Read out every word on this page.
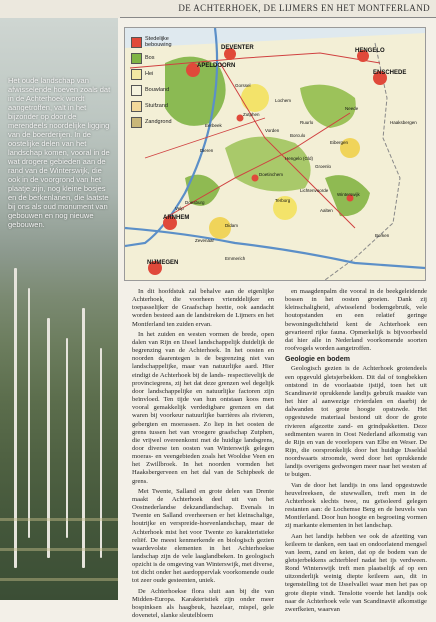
DE ACHTERHOEK, DE LIJMERS EN HET MONTFERLAND
Het oude landschap van afwisselende hoeven zoals dat in de Achterhoek wordt aangetroffen, valt in het bijzonder op door de merendeels noordelijke ligging van de boerderijen. In de oostelijke delen van het landschap komen, vooral in de wat drogere gebieden aan de rand van de Winterswijk, die ook in de voorgrond van het plaatje zijn, nog kleine bosjes en de berkenlanen, die laatste bij ons als oud monument van gebouwen en nog nieuwe gebouwen.
Stedelijke bebouwing
Bos
Hei
Bouwland
Stuifzand
Zandgrond
DEVENTER
APELDOORN
HENGELO
ENSCHEDE
ARNHEM
NIJMEGEN
Doesburg
Zutphen
Lochem
Ruurlo
Doetinchem
Groenlo
Eibergen
Neede
Borculo
Vorden
Winterswijk
Aalten
Terborg
Zevenaar
Emmerich
Borken
Haaksbergen
Gorssel
Dieren
Eerbeek
Lichtenvoorde
Hengelo (Gld)
Didam
Velp

In dit hoofdstuk zal behalve aan de eigenlijke Achterhoek, die voorheen vrienddelijker en toepasselijker de Graafschap heette, ook aandacht worden besteed aan de landstreken de Lijmers en het Montferland ten zuiden ervan.

In het zuiden en westen vormen de brede, open dalen van Rijn en IJssel landschappelijk duidelijk de begrenzing van de Achterhoek. In het oosten en noorden daarentegen is de begrenzing niet van landschappelijke, maar van natuurlijke aard. Hier eindigt de Achterhoek bij de lands- respectievelijk de provinciegrens, zij het dat deze grenzen wel degelijk door landschappelijke en natuurlijke factoren zijn beïnvloed. Ten tijde van hun ontstaan koos men vooral gemakkelijk verdedigbare grenzen en dat waren bij voorkeur natuurlijke barrières als rivieren, gebergten en moerassen. Zo liep in het oosten de grens tussen het van vroegere graafschap Zutphen, die vrijwel overeenkomt met de huidige landsgrens, door diverse ten oosten van Winterswijk gelegen moeras- en veengebieden zoals het Wooldse Veen en het Zwillbroek. In het noorden vormden het Haaksbergerveen en het dal van de Schipbeek de grens.

Met Twente, Salland en grote delen van Drente maakt de Achterhoek deel uit van het Oostnederlandse dekzandlandschap. Evenals in Twente en Salland overheersen er het kleinschalige, houtrijke en verspreide-hoevenlandschap, maar de Achterhoek mist het voor Twente zo karakteristieke reliëf. De meest kenmerkende en biologisch gezien waardevolste elementen in het Achterhoekse landschap zijn de vele laaglandbeken. In geologisch opzicht is de omgeving van Winterswijk, met diverse, tot dicht onder het aardoppervlak voorkomende oude tot zeer oude gesteenten, uniek.

De Achterhoekse flora sluit aan bij die van Midden-Europa. Karakteristiek zijn onder meer bospinksen als haagbeuk, hazelaar, mispel, gele dovenetel, slanke sleutelbloem

en maagdenpalm die vooral in de beekgeleidende bossen in het oosten groeien. Dank zij kleinschaligheid, afwisselend bodemgebruik, vele houtopstanden en een relatief geringe bewoningsdichtheid kent de Achterhoek een gevarieerd rijke fauna. Opmerkelijk is bijvoorbeeld dat hier alle in Nederland voorkomende soorten roofvogels worden aangetroffen.

Geologie en bodem

Geologisch gezien is de Achterhoek grotendeels een opgevuld gletsjerbekken. Dit dal of tongbekken ontstond in de voorlaatste ijstijd, toen het uit Scandinavië oprukkende landijs gebruik maakte van het hier al aanwezige rivierdalen en daarbij de dalwanden tot grote hoogte opstuwde. Het opgestuwde materiaal bestond uit door de grote rivieren afgezette zand- en grindpakketten. Deze sedimenten waren in Oost Nederland afkomstig van de Rijn en van de voorlopers van Elbe en Weser. De Rijn, die oorspronkelijk door het huidige IJsseldal noordwaarts stroomde, werd door het oprukkende landijs overigens gedwongen meer naar het westen af te buigen.

Van de door het landijs in ons land opgestuwde heuvelreeksen, de stuwwallen, treft men in de Achterhoek slechts twee, nu geïsoleerd gelegen restanten aan: de Lochemse Berg en de heuvels van Montferland. Door hun hoogte en begroeiing vormen zij markante elementen in het landschap.

Aan het landijs hebben we ook de afzetting van keileem te danken, een taai en ondoorlatend mengsel van leem, zand en keien, dat op de bodem van de gletsjerbekkens achterbleef nadat het ijs verdween. Rond Winterswijk treft men plaatselijk af op een uitzonderlijk weinig diepte keileem aan, dit in tegenstelling tot de IJsselvallei waar men het pas op grote diepte vindt. Tenslotte voerde het landijs ook naar de Achterhoek vele van Scandinavië afkomstige zwerfkeien, waarvan
